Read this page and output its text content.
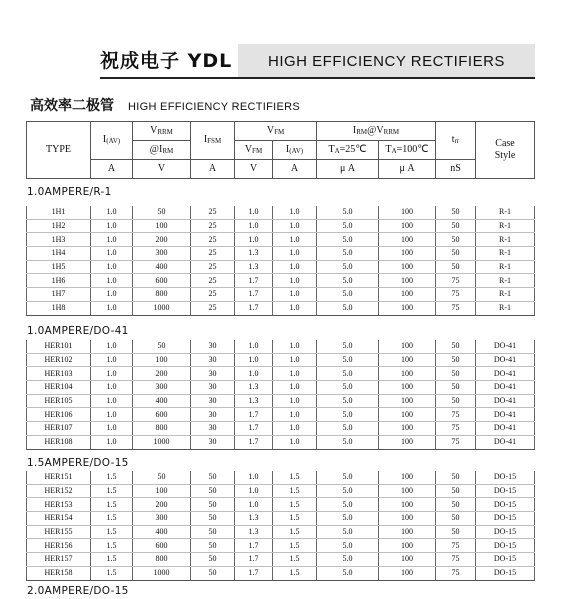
祝成电子 YDL HIGH EFFICIENCY RECTIFIERS
高效率二极管 HIGH EFFICIENCY RECTIFIERS
TYPE	$I_{(AV)}$	$V_{RRM}$	$I_{FSM}$	$V_{FM}$		$I_{RM}@V_{RRM}$		$t_{rr}$	Case
Style
		$@I_{RM}$		$V_{FM}$	$I_{(AV)}$	$T_A=25℃$	$T_A=100℃$		
	A	V	A	V	A	μ A	μ A	nS	
1.0AMPERE/R-1
1H1	1.0	50	25	1.0	1.0	5.0	100	50	R-1
1H2	1.0	100	25	1.0	1.0	5.0	100	50	R-1
1H3	1.0	200	25	1.0	1.0	5.0	100	50	R-1
1H4	1.0	300	25	1.3	1.0	5.0	100	50	R-1
1H5	1.0	400	25	1.3	1.0	5.0	100	50	R-1
1H6	1.0	600	25	1.7	1.0	5.0	100	75	R-1
1H7	1.0	800	25	1.7	1.0	5.0	100	75	R-1
1H8	1.0	1000	25	1.7	1.0	5.0	100	75	R-1
1.0AMPERE/DO-41
HER101	1.0	50	30	1.0	1.0	5.0	100	50	DO-41
HER102	1.0	100	30	1.0	1.0	5.0	100	50	DO-41
HER103	1.0	200	30	1.0	1.0	5.0	100	50	DO-41
HER104	1.0	300	30	1.3	1.0	5.0	100	50	DO-41
HER105	1.0	400	30	1.3	1.0	5.0	100	50	DO-41
HER106	1.0	600	30	1.7	1.0	5.0	100	75	DO-41
HER107	1.0	800	30	1.7	1.0	5.0	100	75	DO-41
HER108	1.0	1000	30	1.7	1.0	5.0	100	75	DO-41
1.5AMPERE/DO-15
HER151	1.5	50	50	1.0	1.5	5.0	100	50	DO-15
HER152	1.5	100	50	1.0	1.5	5.0	100	50	DO-15
HER153	1.5	200	50	1.0	1.5	5.0	100	50	DO-15
HER154	1.5	300	50	1.3	1.5	5.0	100	50	DO-15
HER155	1.5	400	50	1.3	1.5	5.0	100	50	DO-15
HER156	1.5	600	50	1.7	1.5	5.0	100	75	DO-15
HER157	1.5	800	50	1.7	1.5	5.0	100	75	DO-15
HER158	1.5	1000	50	1.7	1.5	5.0	100	75	DO-15
2.0AMPERE/DO-15
